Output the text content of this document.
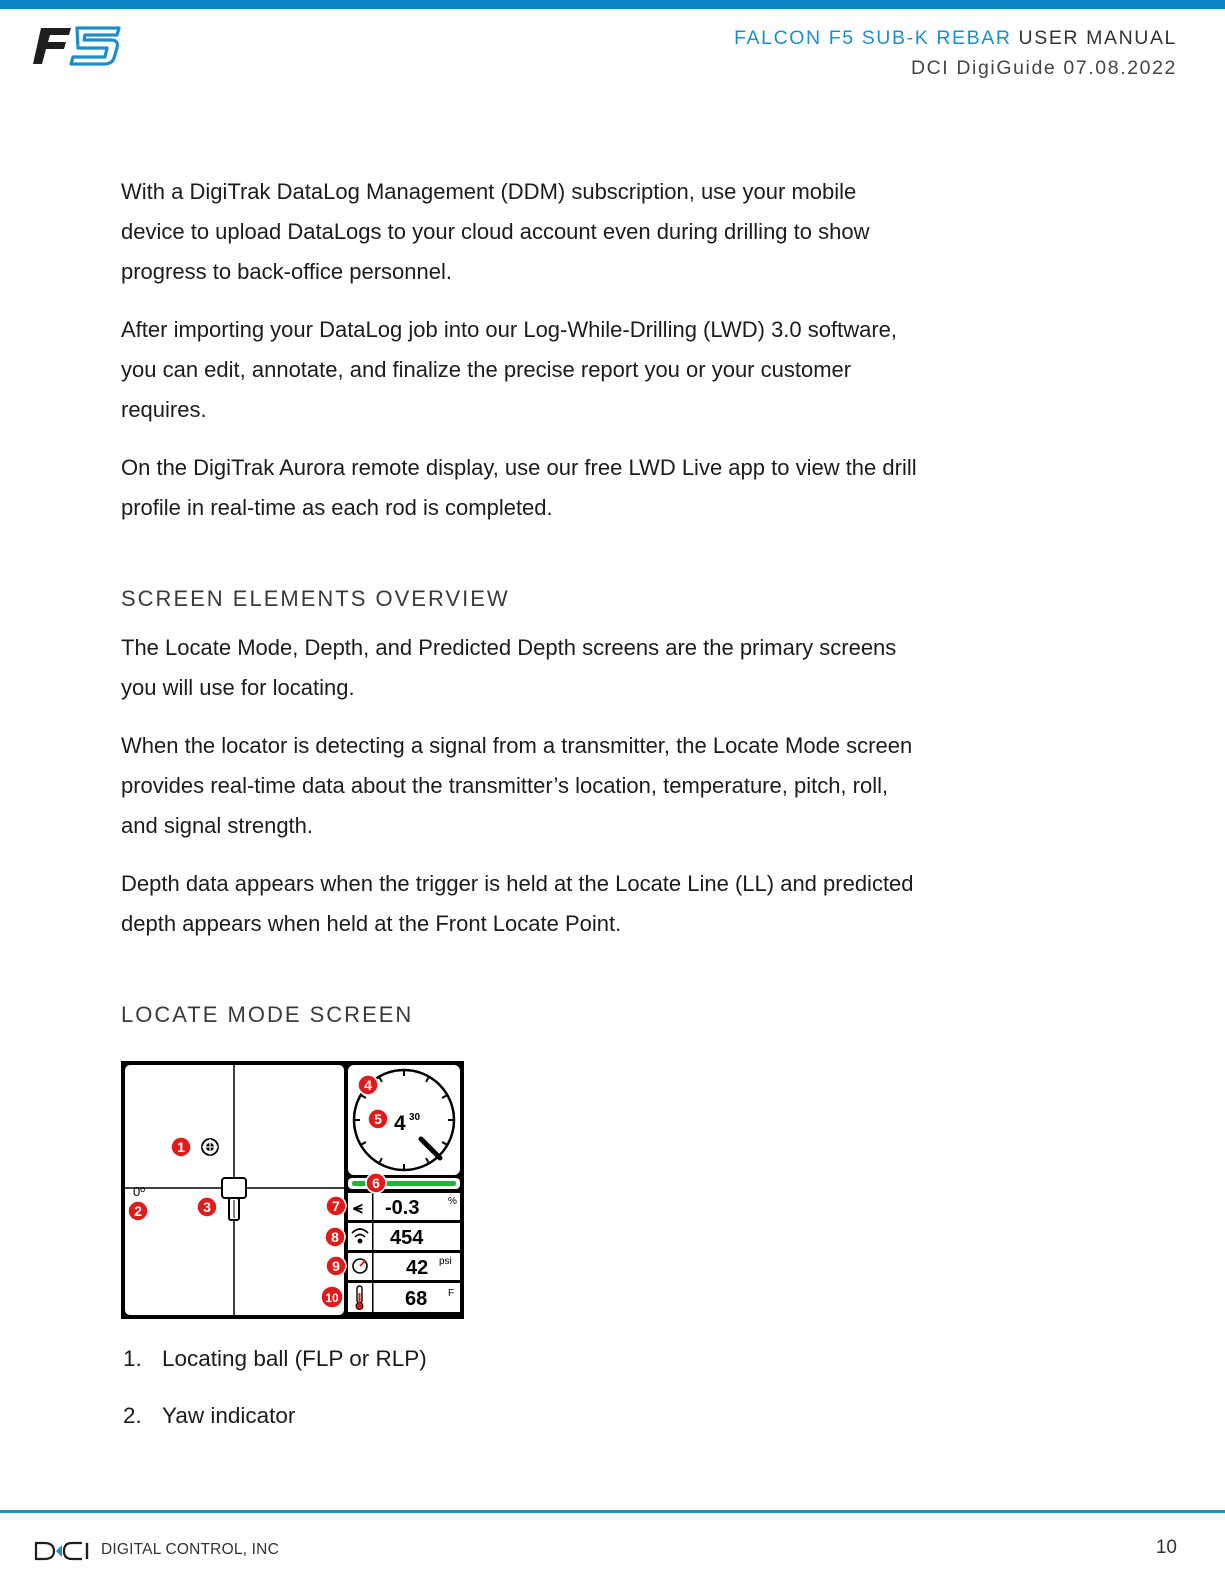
FALCON F5 SUB-K REBAR USER MANUAL
DCI DigiGuide 07.08.2022

With a DigiTrak DataLog Management (DDM) subscription, use your mobile device to upload DataLogs to your cloud account even during drilling to show progress to back-office personnel.

After importing your DataLog job into our Log-While-Drilling (LWD) 3.0 software, you can edit, annotate, and finalize the precise report you or your customer requires.

On the DigiTrak Aurora remote display, use our free LWD Live app to view the drill profile in real-time as each rod is completed.

SCREEN ELEMENTS OVERVIEW

The Locate Mode, Depth, and Predicted Depth screens are the primary screens you will use for locating.

When the locator is detecting a signal from a transmitter, the Locate Mode screen provides real-time data about the transmitter’s location, temperature, pitch, roll, and signal strength.

Depth data appears when the trigger is held at the Locate Line (LL) and predicted depth appears when held at the Front Locate Point.

LOCATE MODE SCREEN
0º
4 30
⪪ -0.3	%
454
42 psi
68 F
1
2	3
4
5
6
7
8
9
10
1. Locating ball (FLP or RLP)
2. Yaw indicator
DIGITAL CONTROL, INC	10
